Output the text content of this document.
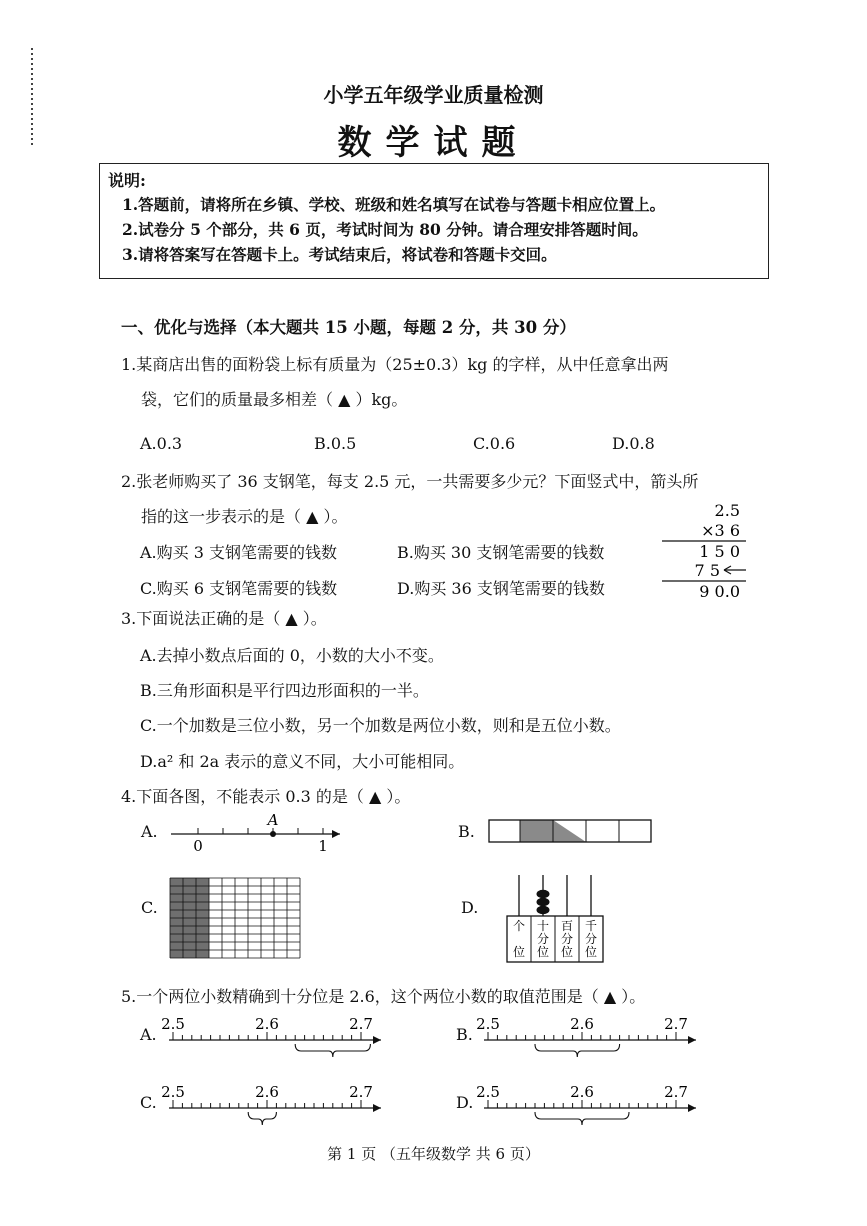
小学五年级学业质量检测
数学试题
说明:
1.答题前，请将所在乡镇、学校、班级和姓名填写在试卷与答题卡相应位置上。
2.试卷分 5 个部分，共 6 页，考试时间为 80 分钟。请合理安排答题时间。
3.请将答案写在答题卡上。考试结束后，将试卷和答题卡交回。
一、优化与选择（本大题共 15 小题，每题 2 分，共 30 分）
1.某商店出售的面粉袋上标有质量为（25±0.3）kg 的字样，从中任意拿出两
袋，它们的质量最多相差（ ▲ ）kg。
A.0.3	B.0.5	C.0.6	D.0.8
2.张老师购买了 36 支钢笔，每支 2.5 元，一共需要多少元？下面竖式中，箭头所
指的这一步表示的是（ ▲ ）。
A.购买 3 支钢笔需要的钱数	B.购买 30 支钢笔需要的钱数
C.购买 6 支钢笔需要的钱数	D.购买 36 支钢笔需要的钱数
2.5
×3 6
1 5 0
7 5
9 0.0
3.下面说法正确的是（ ▲ ）。
A.去掉小数点后面的 0，小数的大小不变。
B.三角形面积是平行四边形面积的一半。
C.一个加数是三位小数，另一个加数是两位小数，则和是五位小数。
D.a² 和 2a 表示的意义不同，大小可能相同。
4.下面各图，不能表示 0.3 的是（ ▲ ）。
A.
A
0	1
B.
C.	D.
个
位
十
分
位
百
分
位
千
分
位
5.一个两位小数精确到十分位是 2.6，这个两位小数的取值范围是（ ▲ ）。
A.
2.5	2.6	2.7
B.
2.5	2.6	2.7
C.
2.5	2.6	2.7
D.
2.5	2.6	2.7
第 1 页 （五年级数学 共 6 页）
